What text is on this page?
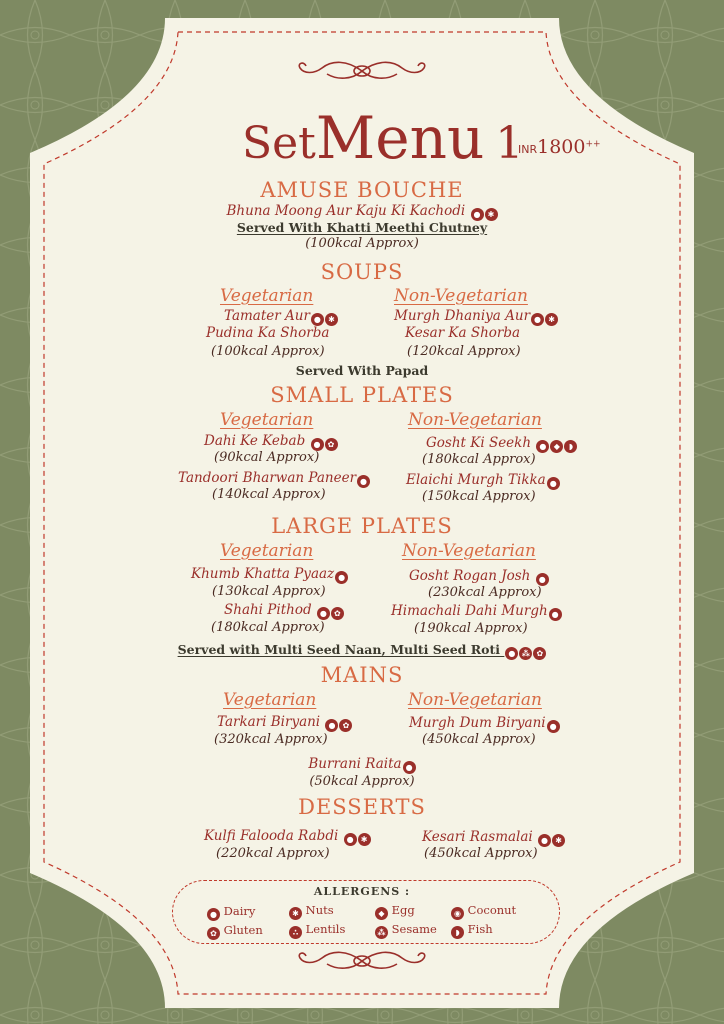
SetMenu 1
INR1800++
AMUSE BOUCHE
Bhuna Moong Aur Kaju Ki Kachodi ● ✱
Served With Khatti Meethi Chutney
(100kcal Approx)
SOUPS
Vegetarian	Non-Vegetarian
Tamater Aur ● ✱
Pudina Ka Shorba
(100kcal Approx)
Murgh Dhaniya Aur ● ✱
Kesar Ka Shorba
(120kcal Approx)
Served With Papad
SMALL PLATES
Vegetarian	Non-Vegetarian
Dahi Ke Kebab ● ✿
(90kcal Approx)
Tandoori Bharwan Paneer ●
(140kcal Approx)
Gosht Ki Seekh ● ◆ ◗
(180kcal Approx)
Elaichi Murgh Tikka ●
(150kcal Approx)
LARGE PLATES
Vegetarian	Non-Vegetarian
Khumb Khatta Pyaaz ●
(130kcal Approx)
Shahi Pithod ● ✿
(180kcal Approx)
Gosht Rogan Josh ●
(230kcal Approx)
Himachali Dahi Murgh ●
(190kcal Approx)
Served with Multi Seed Naan, Multi Seed Roti ● ⁂ ✿
MAINS
Vegetarian	Non-Vegetarian
Tarkari Biryani ● ✿
(320kcal Approx)
Murgh Dum Biryani ●
(450kcal Approx)
Burrani Raita ●
(50kcal Approx)
DESSERTS
Kulfi Falooda Rabdi ● ✱
(220kcal Approx)
Kesari Rasmalai ● ✱
(450kcal Approx)
ALLERGENS :
● Dairy	✱ Nuts	◆ Egg	◉ Coconut
✿ Gluten	∴ Lentils	⁂ Sesame	◗ Fish
